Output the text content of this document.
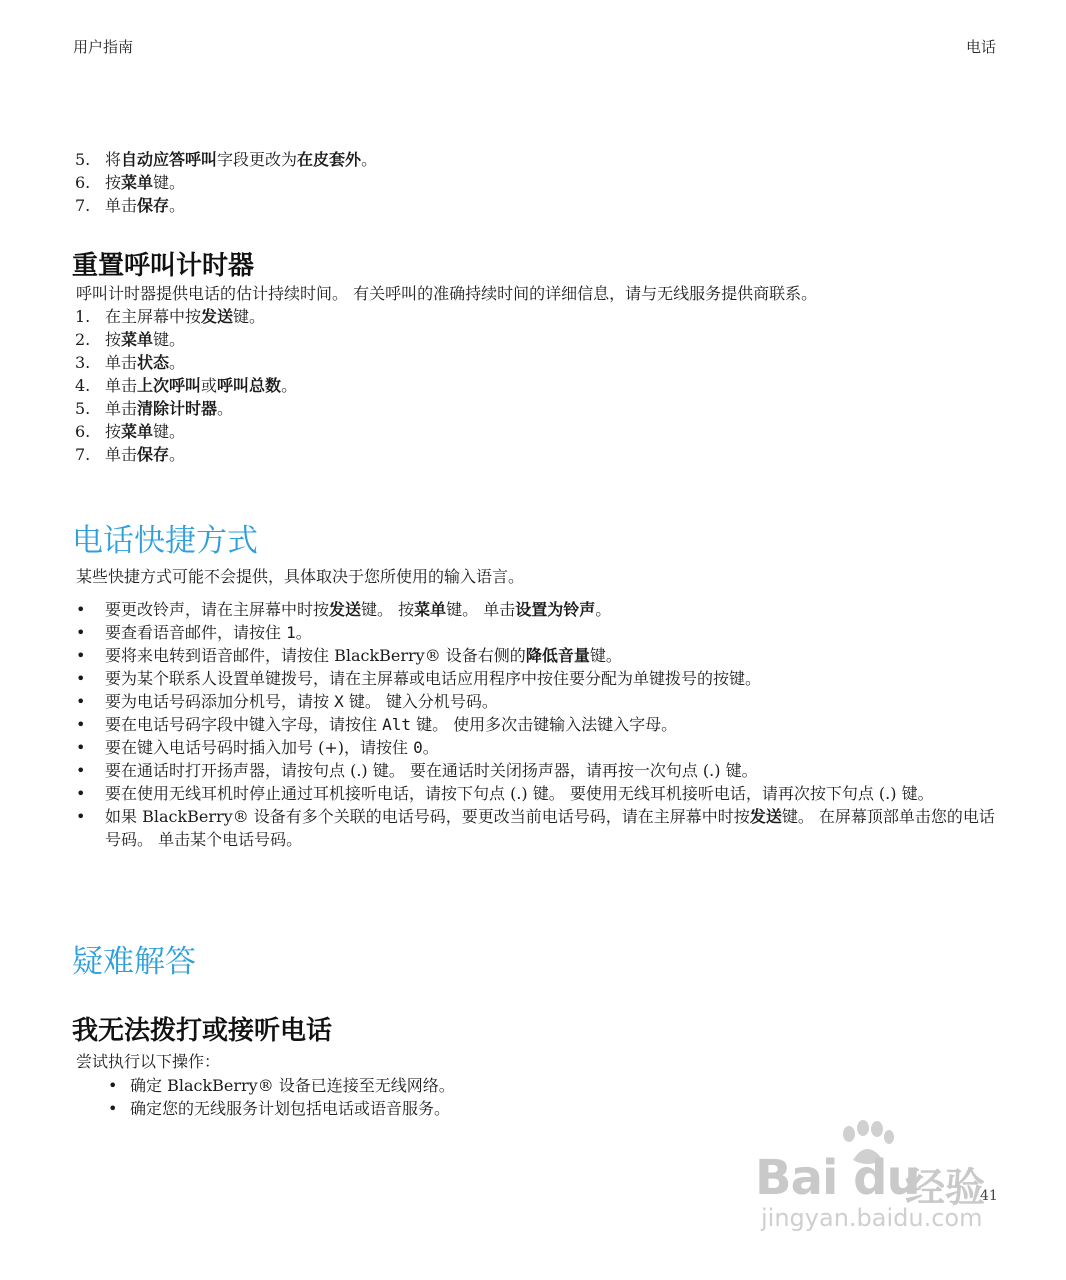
用户指南	电话
5. 将自动应答呼叫字段更改为在皮套外。
6. 按菜单键。
7. 单击保存。
重置呼叫计时器

呼叫计时器提供电话的估计持续时间。 有关呼叫的准确持续时间的详细信息，请与无线服务提供商联系。

1. 在主屏幕中按发送键。
2. 按菜单键。
3. 单击状态。
4. 单击上次呼叫或呼叫总数。
5. 单击清除计时器。
6. 按菜单键。
7. 单击保存。
电话快捷方式

某些快捷方式可能不会提供，具体取决于您所使用的输入语言。

•	要更改铃声，请在主屏幕中时按发送键。 按菜单键。 单击设置为铃声。
•	要查看语音邮件，请按住 1。
•	要将来电转到语音邮件，请按住 BlackBerry® 设备右侧的降低音量键。
•	要为某个联系人设置单键拨号，请在主屏幕或电话应用程序中按住要分配为单键拨号的按键。
•	要为电话号码添加分机号，请按 X 键。 键入分机号码。
•	要在电话号码字段中键入字母，请按住 Alt 键。 使用多次击键输入法键入字母。
•	要在键入电话号码时插入加号 (+)，请按住 0。
•	要在通话时打开扬声器，请按句点 (.) 键。 要在通话时关闭扬声器，请再按一次句点 (.) 键。
•	要在使用无线耳机时停止通过耳机接听电话，请按下句点 (.) 键。 要使用无线耳机接听电话，请再次按下句点 (.) 键。
•	如果 BlackBerry® 设备有多个关联的电话号码，要更改当前电话号码，请在主屏幕中时按发送键。 在屏幕顶部单击您的电话号码。 单击某个电话号码。
疑难解答
我无法拨打或接听电话

尝试执行以下操作：

• 确定 BlackBerry® 设备已连接至无线网络。
• 确定您的无线服务计划包括电话或语音服务。
Bai du
经验
jingyan.baidu.com
41
